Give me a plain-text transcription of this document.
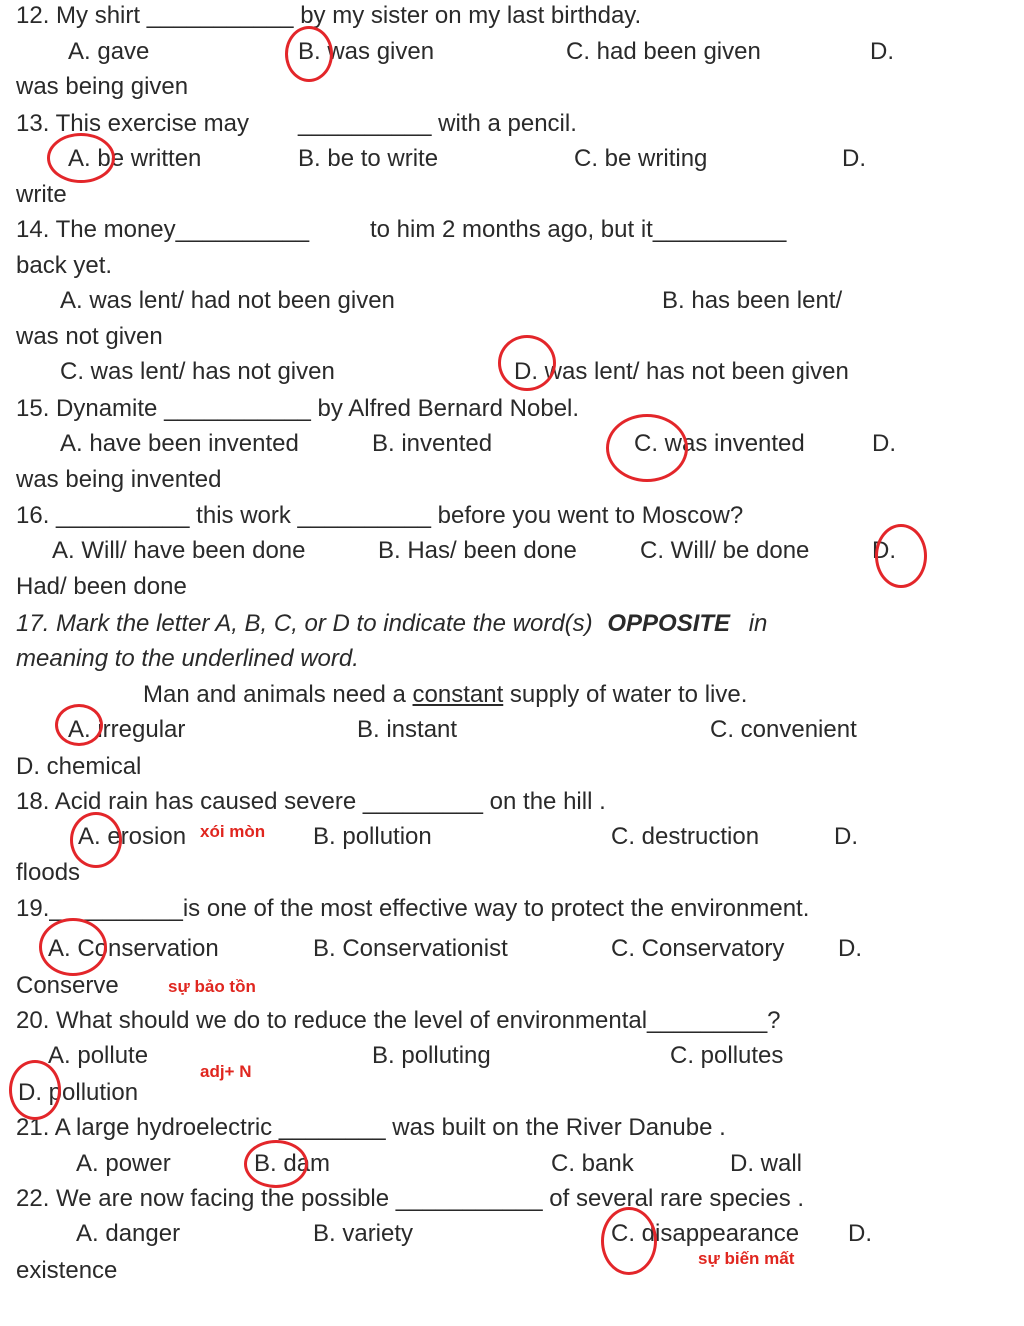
12. My shirt ___________ by my sister on my last birthday.
A. gave	B. was given	C. had been given	D.
was being given
13. This exercise may __________ with a pencil.
A. be written	B. be to write	C. be writing	D.
write
14. The money__________	to him 2 months ago, but it__________
back yet.
A. was lent/ had not been given	B. has been lent/
was not given
C. was lent/ has not given	D. was lent/ has not been given
15. Dynamite ___________ by Alfred Bernard Nobel.
A. have been invented	B. invented	C. was invented	D.
was being invented
16. __________ this work __________ before you went to Moscow?
A. Will/ have been done	B. Has/ been done	C. Will/ be done	D.
Had/ been done
17. Mark the letter A, B, C, or D to indicate the word(s) OPPOSITE in
meaning to the underlined word.
Man and animals need a constant supply of water to live.
A. irregular	B. instant	C. convenient
D. chemical
18. Acid rain has caused severe _________ on the hill .
A. erosion xói mòn B. pollution	C. destruction	D.
floods
19.__________is one of the most effective way to protect the environment.
A. Conservation	B. Conservationist	C. Conservatory D.
Conserve	sự bảo tồn
20. What should we do to reduce the level of environmental_________?
A. pollute	B. polluting	C. pollutes
adj+ N
D. pollution
21. A large hydroelectric ________ was built on the River Danube .
A. power	B. dam	C. bank	D. wall
22. We are now facing the possible ___________ of several rare species .
A. danger	B. variety	C. disappearance D.
sự biến mất
existence
